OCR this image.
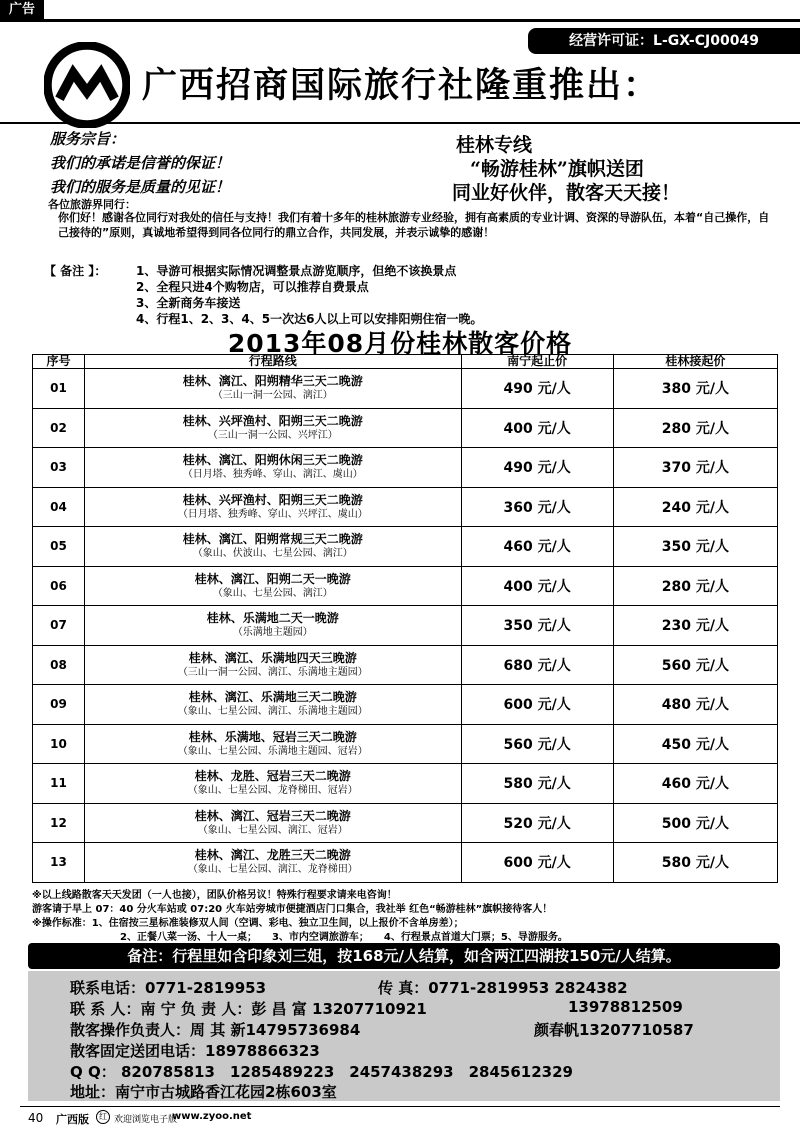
广告
经营许可证：L-GX-CJ00049
广西招商国际旅行社隆重推出：
服务宗旨：
我们的承诺是信誉的保证！
我们的服务是质量的见证！
桂林专线
“畅游桂林”旗帜送团
同业好伙伴，散客天天接！
各位旅游界同行：
你们好！感谢各位同行对我处的信任与支持！我们有着十多年的桂林旅游专业经验，拥有高素质的专业计调、资深的导游队伍，本着“自己操作，自己接待的”原则，真诚地希望得到同各位同行的鼎立合作，共同发展，并表示诚挚的感谢！
【 备注 】： 1、导游可根据实际情况调整景点游览顺序，但绝不该换景点
2、全程只进4个购物店，可以推荐自费景点
3、全新商务车接送
4、行程1、2、3、4、5一次达6人以上可以安排阳朔住宿一晚。
2013年08月份桂林散客价格
序号	行程路线	南宁起止价	桂林接起价
01	桂林、漓江、阳朔精华三天二晚游
（三山一洞一公园、漓江）	490 元/人	380 元/人
02	桂林、兴坪渔村、阳朔三天二晚游
（三山一洞一公园、兴坪江）	400 元/人	280 元/人
03	桂林、漓江、阳朔休闲三天二晚游
（日月塔、独秀峰、穿山、漓江、虞山）	490 元/人	370 元/人
04	桂林、兴坪渔村、阳朔三天二晚游
（日月塔、独秀峰、穿山、兴坪江、虞山）	360 元/人	240 元/人
05	桂林、漓江、阳朔常规三天二晚游
（象山、伏波山、七星公园、漓江）	460 元/人	350 元/人
06	桂林、漓江、阳朔二天一晚游
（象山、七星公园、漓江）	400 元/人	280 元/人
07	桂林、乐满地二天一晚游
（乐满地主题园）	350 元/人	230 元/人
08	桂林、漓江、乐满地四天三晚游
（三山一洞一公园、漓江、乐满地主题园）	680 元/人	560 元/人
09	桂林、漓江、乐满地三天二晚游
（象山、七星公园、漓江、乐满地主题园）	600 元/人	480 元/人
10	桂林、乐满地、冠岩三天二晚游
（象山、七星公园、乐满地主题园、冠岩）	560 元/人	450 元/人
11	桂林、龙胜、冠岩三天二晚游
（象山、七星公园、龙脊梯田、冠岩）	580 元/人	460 元/人
12	桂林、漓江、冠岩三天二晚游
（象山、七星公园、漓江、冠岩）	520 元/人	500 元/人
13	桂林、漓江、龙胜三天二晚游
（象山、七星公园、漓江、龙脊梯田）	600 元/人	580 元/人
※以上线路散客天天发团（一人也接），团队价格另议！特殊行程要求请来电咨询！
游客请于早上 07：40 分火车站或 07:20 火车站旁城市便捷酒店门口集合，我社举 红色“畅游桂林”旗帜接待客人！
※操作标准：1、住宿按三星标准装修双人间（空调、彩电、独立卫生间，以上报价不含单房差）；
2、正餐八菜一汤、十人一桌；　　3、市内空调旅游车；　　4、行程景点首道大门票；5、导游服务。
备注：行程里如含印象刘三姐，按168元/人结算，如含两江四湖按150元/人结算。
联系电话：0771-2819953	传 真：0771-2819953 2824382
联 系 人：南 宁 负 责 人：彭 昌 富 13207710921	13978812509
散客操作负责人：周 其 新14795736984	颜春帆13207710587
散客固定送团电话：18978866323
Q Q： 820785813　1285489223　2457438293　2845612329
地址：南宁市古城路香江花园2栋603室
40 广西版	红 欢迎浏览电子版
www.zyoo.net
